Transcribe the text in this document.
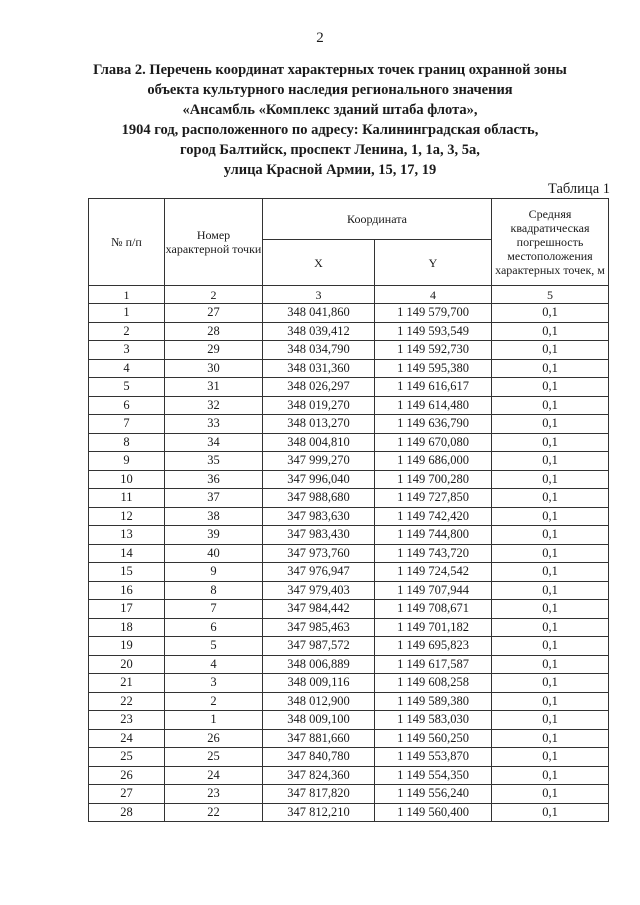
2
Глава 2. Перечень координат характерных точек границ охранной зоны
объекта культурного наследия регионального значения
«Ансамбль «Комплекс зданий штаба флота»,
1904 год, расположенного по адресу: Калининградская область,
город Балтийск, проспект Ленина, 1, 1а, 3, 5а,
улица Красной Армии, 15, 17, 19
Таблица 1
№ п/п	Номер характерной точки	Координата		Средняя квадратическая погрешность местоположения характерных точек, м
		X	Y	
1	2	3	4	5
1	27	348 041,860	1 149 579,700	0,1
2	28	348 039,412	1 149 593,549	0,1
3	29	348 034,790	1 149 592,730	0,1
4	30	348 031,360	1 149 595,380	0,1
5	31	348 026,297	1 149 616,617	0,1
6	32	348 019,270	1 149 614,480	0,1
7	33	348 013,270	1 149 636,790	0,1
8	34	348 004,810	1 149 670,080	0,1
9	35	347 999,270	1 149 686,000	0,1
10	36	347 996,040	1 149 700,280	0,1
11	37	347 988,680	1 149 727,850	0,1
12	38	347 983,630	1 149 742,420	0,1
13	39	347 983,430	1 149 744,800	0,1
14	40	347 973,760	1 149 743,720	0,1
15	9	347 976,947	1 149 724,542	0,1
16	8	347 979,403	1 149 707,944	0,1
17	7	347 984,442	1 149 708,671	0,1
18	6	347 985,463	1 149 701,182	0,1
19	5	347 987,572	1 149 695,823	0,1
20	4	348 006,889	1 149 617,587	0,1
21	3	348 009,116	1 149 608,258	0,1
22	2	348 012,900	1 149 589,380	0,1
23	1	348 009,100	1 149 583,030	0,1
24	26	347 881,660	1 149 560,250	0,1
25	25	347 840,780	1 149 553,870	0,1
26	24	347 824,360	1 149 554,350	0,1
27	23	347 817,820	1 149 556,240	0,1
28	22	347 812,210	1 149 560,400	0,1
